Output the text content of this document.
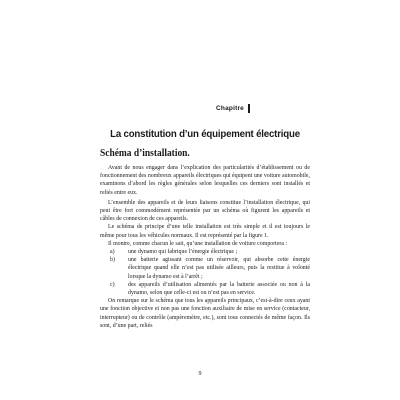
Chapitre
La constitution d’un équipement électrique
Schéma d’installation.

Avant de nous engager dans l’explication des particularités d’établissement ou de fonctionnement des nombreux appareils électriques qui équipent une voiture automobile, examinons d’abord les règles générales selon lesquelles ces derniers sont installés et reliés entre eux.

L’ensemble des appareils et de leurs liaisons constitue l’installation électrique, qui peut être fort commodément représentée par un schéma où figurent les appareils et câbles de connexion de ces appareils.

Le schéma de principe d’une telle installation est très simple et il est toujours le même pour tous les véhicules normaux. Il est représenté par la figure 1.

Il montre, comme chacun le sait, qu’une installation de voiture comportera :

a) une dynamo qui fabrique l’énergie électrique ;
b) une batterie agissant comme un réservoir, qui absorbe cette énergie électrique quand elle n’est pas utilisée ailleurs, puis la restitue à volonté lorsque la dynamo est à l’arrêt ;
c) des appareils d’utilisation alimentés par la batterie associée ou non à la dynamo, selon que celle-ci est ou n’est pas en service.

On remarque sur le schéma que tous les appareils principaux, c’est-à-dire ceux ayant une fonction objective et non pas une fonction auxiliaire de mise en service (contacteur, interrupteur) ou de contrôle (ampèremètre, etc.), sont tous connectés de même façon. Ils sont, d’une part, reliés

9
